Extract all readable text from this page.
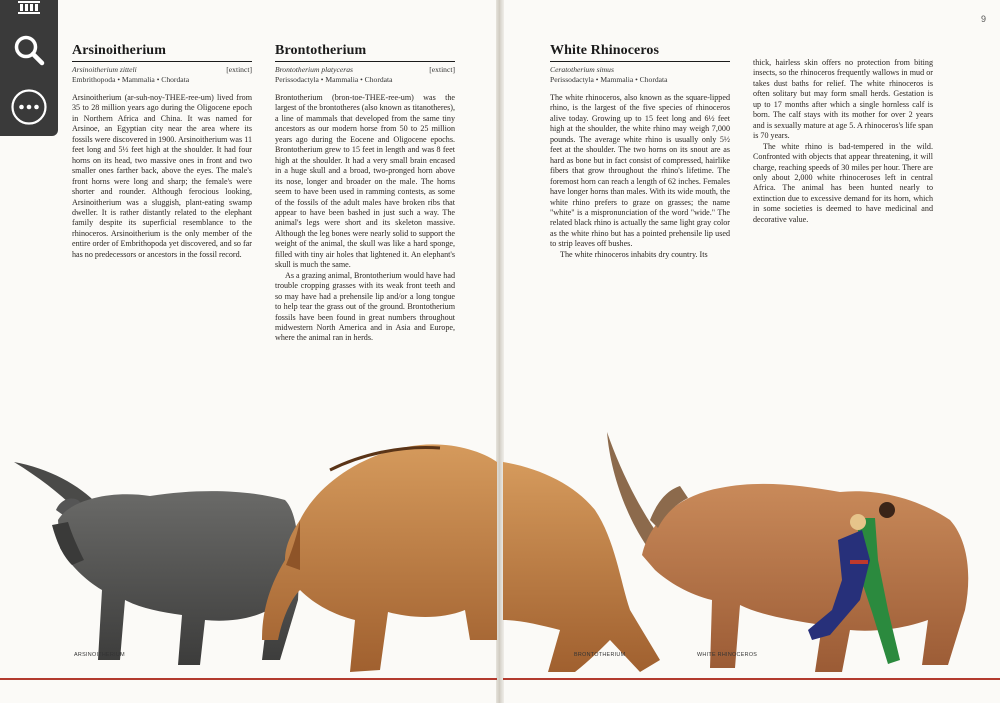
9
Arsinoitherium
Arsinoitherium zitteli	[extinct]
Embrithopoda • Mammalia • Chordata

Arsinoitherium (ar-suh-noy-THEE-ree-um) lived from 35 to 28 million years ago during the Oligocene epoch in Northern Africa and China. It was named for Arsinoe, an Egyptian city near the area where its fossils were discovered in 1900. Arsinoitherium was 11 feet long and 5½ feet high at the shoulder. It had four horns on its head, two massive ones in front and two smaller ones farther back, above the eyes. The male's front horns were long and sharp; the female's were shorter and rounder. Although ferocious looking, Arsinoitherium was a sluggish, plant-eating swamp dweller. It is rather distantly related to the elephant family despite its superficial resemblance to the rhinoceros. Arsinoitherium is the only member of the entire order of Embrithopoda yet discovered, and so far has no predecessors or ancestors in the fossil record.

Brontotherium
Brontotherium platyceras	[extinct]
Perissodactyla • Mammalia • Chordata

Brontotherium (bron-toe-THEE-ree-um) was the largest of the brontotheres (also known as titanotheres), a line of mammals that developed from the same tiny ancestors as our modern horse from 50 to 25 million years ago during the Eocene and Oligocene epochs. Brontotherium grew to 15 feet in length and was 8 feet high at the shoulder. It had a very small brain encased in a huge skull and a broad, two-pronged horn above its nose, longer and broader on the male. The horns seem to have been used in ramming contests, as some of the fossils of the adult males have broken ribs that appear to have been bashed in just such a way. The animal's legs were short and its skeleton massive. Although the leg bones were nearly solid to support the weight of the animal, the skull was like a hard sponge, filled with tiny air holes that lightened it. An elephant's skull is much the same.

As a grazing animal, Brontotherium would have had trouble cropping grasses with its weak front teeth and so may have had a prehensile lip and/or a long tongue to help tear the grass out of the ground. Brontotherium fossils have been found in great numbers throughout midwestern North America and in Asia and Europe, where the animal ran in herds.

White Rhinoceros
Ceratotherium simus
Perissodactyla • Mammalia • Chordata

The white rhinoceros, also known as the square-lipped rhino, is the largest of the five species of rhinoceros alive today. Growing up to 15 feet long and 6½ feet high at the shoulder, the white rhino may weigh 7,000 pounds. The average white rhino is usually only 5½ feet at the shoulder. The two horns on its snout are as hard as bone but in fact consist of compressed, hairlike fibers that grow throughout the rhino's lifetime. The foremost horn can reach a length of 62 inches. Females have longer horns than males. With its wide mouth, the white rhino prefers to graze on grasses; the name "white" is a mispronunciation of the word "wide." The related black rhino is actually the same light gray color as the white rhino but has a pointed prehensile lip used to strip leaves off bushes.

The white rhinoceros inhabits dry country. Its

thick, hairless skin offers no protection from biting insects, so the rhinoceros frequently wallows in mud or takes dust baths for relief. The white rhinoceros is often solitary but may form small herds. Gestation is up to 17 months after which a single hornless calf is born. The calf stays with its mother for over 2 years and is sexually mature at age 5. A rhinoceros's life span is 70 years.

The white rhino is bad-tempered in the wild. Confronted with objects that appear threatening, it will charge, reaching speeds of 30 miles per hour. There are only about 2,000 white rhinoceroses left in central Africa. The animal has been hunted nearly to extinction due to excessive demand for its horn, which in some societies is deemed to have medicinal and decorative value.

ARSINOITHERIUM	BRONTOTHERIUM	WHITE RHINOCEROS
